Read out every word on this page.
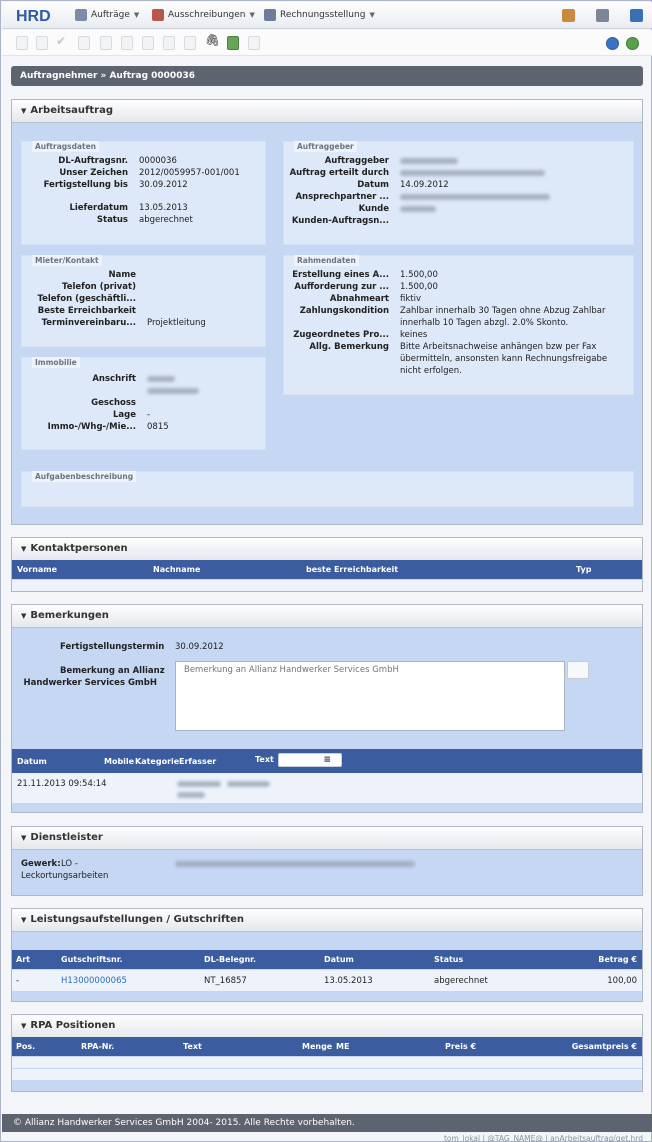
HRD	Aufträge ▼	Ausschreibungen ▼	Rechnungsstellung ▼
✔	🖇
Auftragnehmer » Auftrag 0000036
▼ Arbeitsauftrag
Auftragsdaten
DL-Auftragsnr. 0000036
Unser Zeichen 2012/0059957-001/001
Fertigstellung bis 30.09.2012
Lieferdatum 13.05.2013
Status abgerechnet
Auftraggeber
Auftraggeber
Auftrag erteilt durch
Datum 14.09.2012
Ansprechpartner ...
Kunde
Kunden-Auftragsn...
Mieter/Kontakt
Name
Telefon (privat)
Telefon (geschäftli...
Beste Erreichbarkeit
Terminvereinbaru... Projektleitung
Rahmendaten
Erstellung eines A... 1.500,00
Aufforderung zur ... 1.500,00
Abnahmeart fiktiv
Zahlungskondition Zahlbar innerhalb 30 Tagen ohne Abzug Zahlbar
innerhalb 10 Tagen abzgl. 2.0% Skonto.
Zugeordnetes Pro... keines
Allg. Bemerkung Bitte Arbeitsnachweise anhängen bzw per Fax
übermitteln, ansonsten kann Rechnungsfreigabe
nicht erfolgen.
Immobilie
Anschrift
Geschoss
Lage -
Immo-/Whg-/Mie... 0815
Aufgabenbeschreibung
▼ Kontaktpersonen
Vorname	Nachname	beste Erreichbarkeit	Typ
▼ Bemerkungen
Fertigstellungstermin 30.09.2012
Bemerkung an Allianz
Handwerker Services GmbH
Bemerkung an Allianz Handwerker Services GmbH
Datum	Mobile Kategorie Erfasser	Text	≡
21.11.2013 09:54:14
▼ Dienstleister
Gewerk: LO -
Leckortungsarbeiten
▼ Leistungsaufstellungen / Gutschriften
Art	Gutschriftsnr.	DL-Belegnr.	Datum	Status	Betrag €
-	H13000000065	NT_16857	13.05.2013	abgerechnet	100,00
▼ RPA Positionen
Pos.	RPA-Nr.	Text	Menge ME	Preis €	Gesamtpreis €
© Allianz Handwerker Services GmbH 2004- 2015. Alle Rechte vorbehalten.
tom_lokal | @TAG_NAME@ | anArbeitsauftrag/get.hrd
